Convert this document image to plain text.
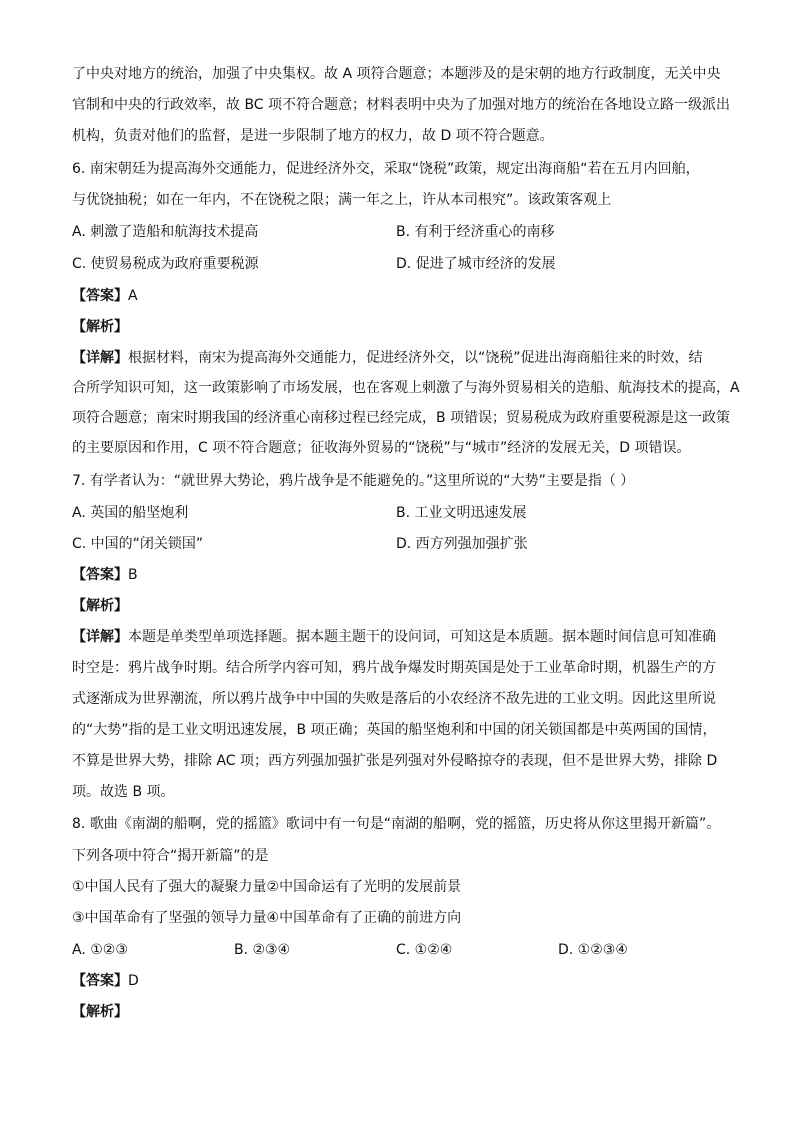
了中央对地方的统治，加强了中央集权。故 A 项符合题意；本题涉及的是宋朝的地方行政制度，无关中央
官制和中央的行政效率，故 BC 项不符合题意；材料表明中央为了加强对地方的统治在各地设立路一级派出
机构，负责对他们的监督，是进一步限制了地方的权力，故 D 项不符合题意。
6. 南宋朝廷为提高海外交通能力，促进经济外交，采取“饶税”政策，规定出海商船“若在五月内回舶，
与优饶抽税；如在一年内，不在饶税之限；满一年之上，许从本司根究”。该政策客观上
A. 刺激了造船和航海技术提高	B. 有利于经济重心的南移
C. 使贸易税成为政府重要税源	D. 促进了城市经济的发展
【答案】A
【解析】
【详解】根据材料，南宋为提高海外交通能力，促进经济外交，以“饶税”促进出海商船往来的时效，结
合所学知识可知，这一政策影响了市场发展，也在客观上刺激了与海外贸易相关的造船、航海技术的提高，A
项符合题意；南宋时期我国的经济重心南移过程已经完成，B 项错误；贸易税成为政府重要税源是这一政策
的主要原因和作用，C 项不符合题意；征收海外贸易的“饶税”与“城市”经济的发展无关，D 项错误。
7. 有学者认为：“就世界大势论，鸦片战争是不能避免的。”这里所说的“大势”主要是指（ ）
A. 英国的船坚炮利	B. 工业文明迅速发展
C. 中国的“闭关锁国”	D. 西方列强加强扩张
【答案】B
【解析】
【详解】本题是单类型单项选择题。据本题主题干的设问词，可知这是本质题。据本题时间信息可知准确
时空是：鸦片战争时期。结合所学内容可知，鸦片战争爆发时期英国是处于工业革命时期，机器生产的方
式逐渐成为世界潮流，所以鸦片战争中中国的失败是落后的小农经济不敌先进的工业文明。因此这里所说
的“大势”指的是工业文明迅速发展，B 项正确；英国的船坚炮利和中国的闭关锁国都是中英两国的国情，
不算是世界大势，排除 AC 项；西方列强加强扩张是列强对外侵略掠夺的表现，但不是世界大势，排除 D
项。故选 B 项。
8. 歌曲《南湖的船啊，党的摇篮》歌词中有一句是“南湖的船啊，党的摇篮，历史将从你这里揭开新篇”。
下列各项中符合“揭开新篇”的是
①中国人民有了强大的凝聚力量②中国命运有了光明的发展前景
③中国革命有了坚强的领导力量④中国革命有了正确的前进方向
A. ①②③	B. ②③④	C. ①②④	D. ①②③④
【答案】D
【解析】
